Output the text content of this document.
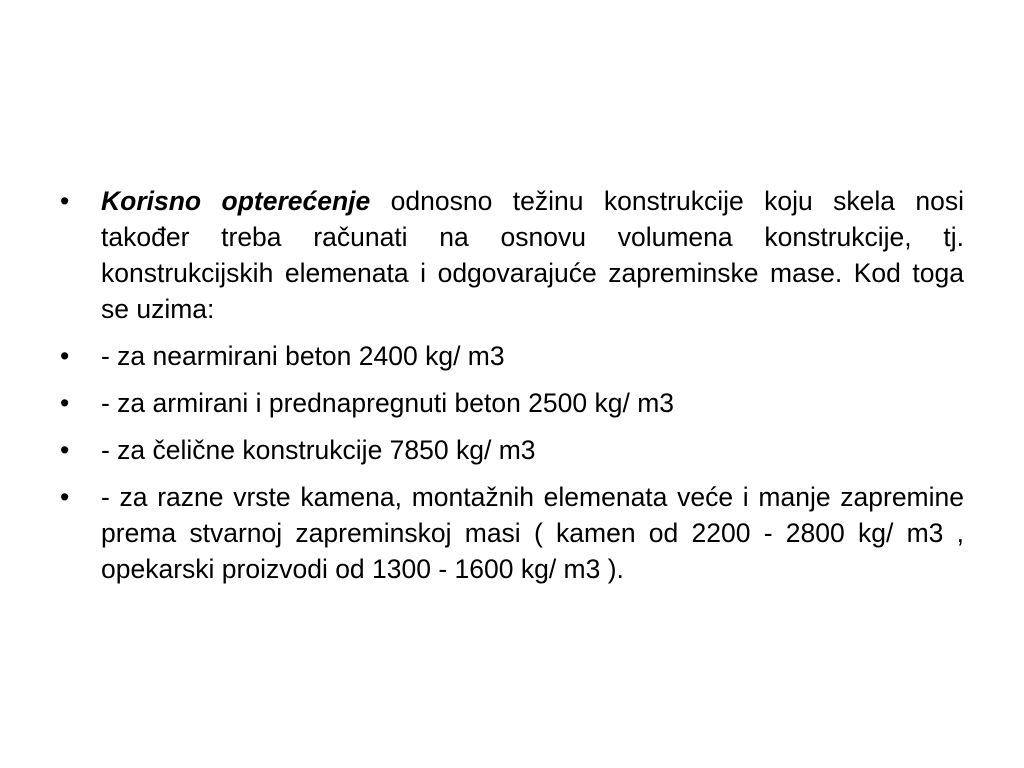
•	Korisno opterećenje odnosno težinu konstrukcije koju skela nosi također treba računati na osnovu volumena konstrukcije, tj. konstrukcijskih elemenata i odgovarajuće zapreminske mase. Kod toga se uzima:
•	- za nearmirani beton 2400 kg/ m3
•	- za armirani i prednapregnuti beton 2500 kg/ m3
•	- za čelične konstrukcije 7850 kg/ m3
•	- za razne vrste kamena, montažnih elemenata veće i manje zapremine prema stvarnoj zapreminskoj masi ( kamen od 2200 - 2800 kg/ m3 , opekarski proizvodi od 1300 - 1600 kg/ m3 ).
